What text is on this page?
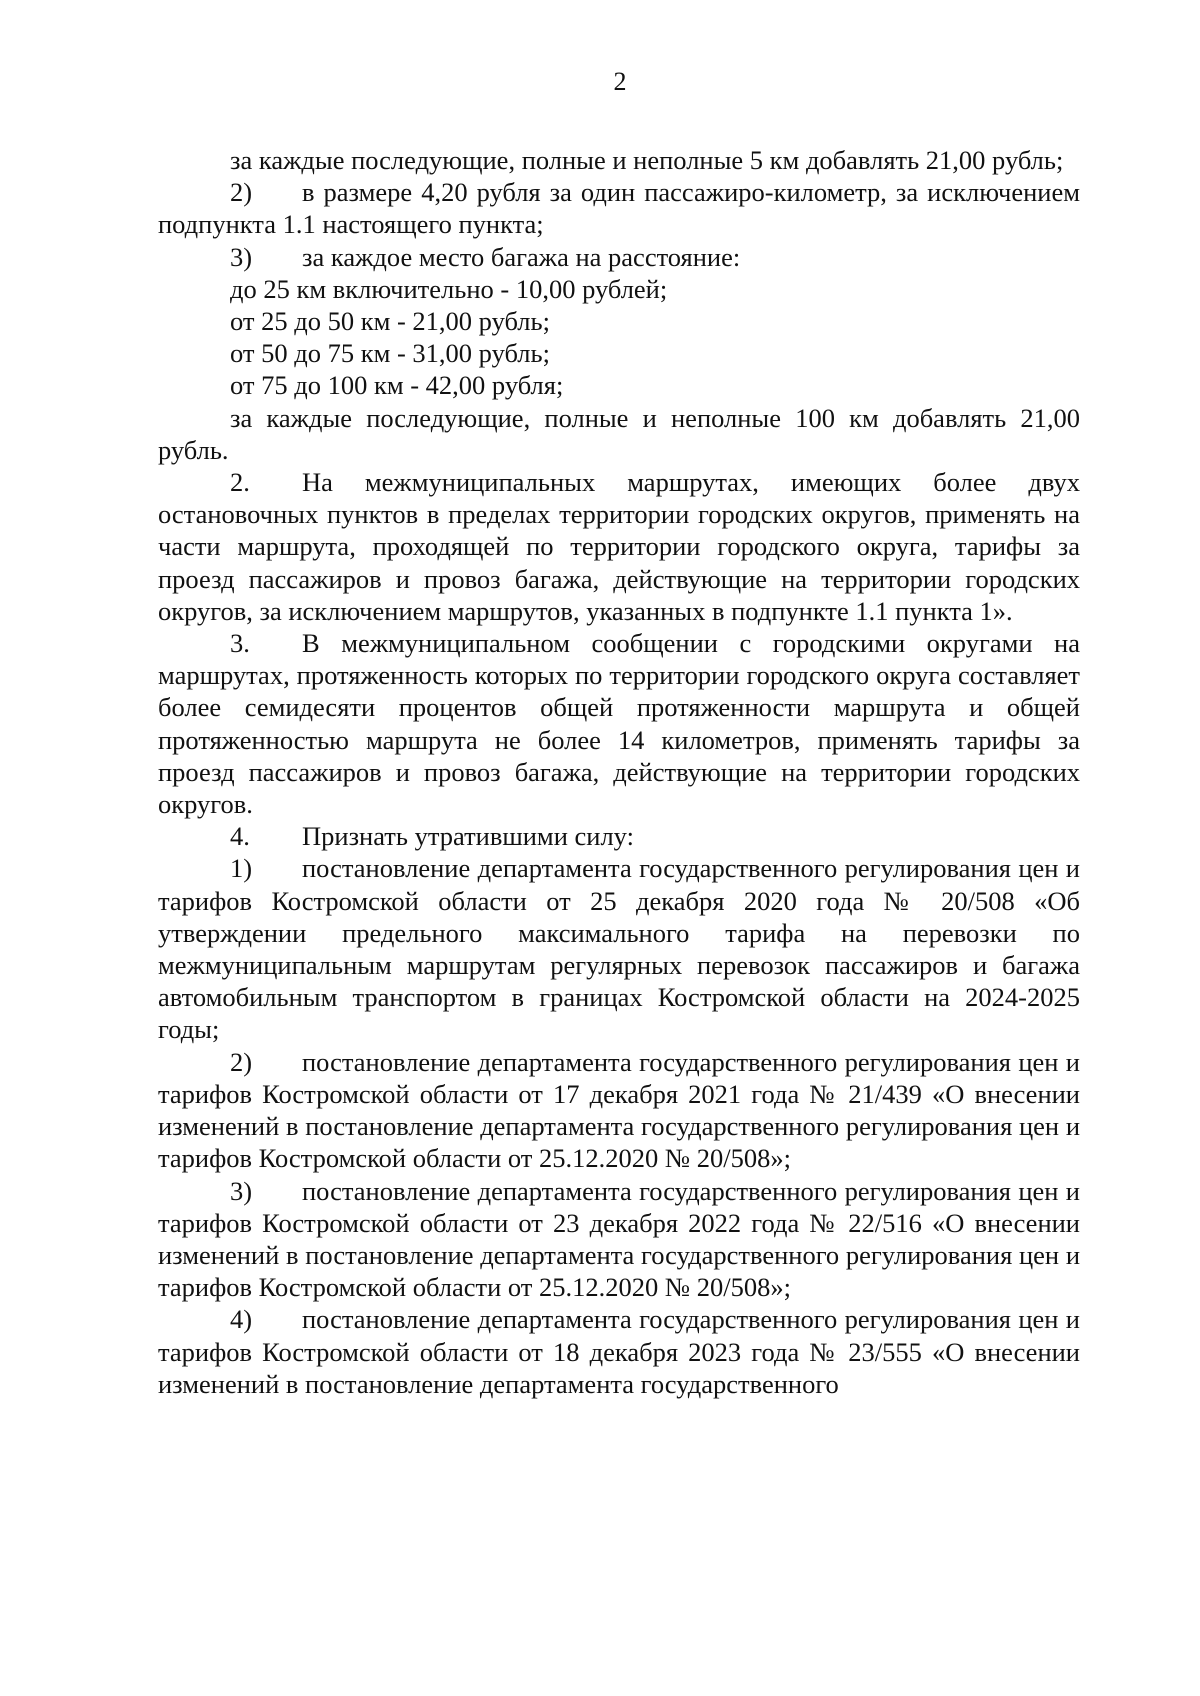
2

за каждые последующие, полные и неполные 5 км добавлять 21,00 рубль;

2) в размере 4,20 рубля за один пассажиро-километр, за исключением подпункта 1.1 настоящего пункта;

3) за каждое место багажа на расстояние:

до 25 км включительно - 10,00 рублей;

от 25 до 50 км - 21,00 рубль;

от 50 до 75 км - 31,00 рубль;

от 75 до 100 км - 42,00 рубля;

за каждые последующие, полные и неполные 100 км добавлять 21,00 рубль.

2. На межмуниципальных маршрутах, имеющих более двух остановочных пунктов в пределах территории городских округов, применять на части маршрута, проходящей по территории городского округа, тарифы за проезд пассажиров и провоз багажа, действующие на территории городских округов, за исключением маршрутов, указанных в подпункте 1.1 пункта 1».

3. В межмуниципальном сообщении с городскими округами на маршрутах, протяженность которых по территории городского округа составляет более семидесяти процентов общей протяженности маршрута и общей протяженностью маршрута не более 14 километров, применять тарифы за проезд пассажиров и провоз багажа, действующие на территории городских округов.

4. Признать утратившими силу:

1) постановление департамента государственного регулирования цен и тарифов Костромской области от 25 декабря 2020 года № 20/508 «Об утверждении предельного максимального тарифа на перевозки по межмуниципальным маршрутам регулярных перевозок пассажиров и багажа автомобильным транспортом в границах Костромской области на 2024-2025 годы;

2) постановление департамента государственного регулирования цен и тарифов Костромской области от 17 декабря 2021 года № 21/439 «О внесении изменений в постановление департамента государственного регулирования цен и тарифов Костромской области от 25.12.2020 № 20/508»;

3) постановление департамента государственного регулирования цен и тарифов Костромской области от 23 декабря 2022 года № 22/516 «О внесении изменений в постановление департамента государственного регулирования цен и тарифов Костромской области от 25.12.2020 № 20/508»;

4) постановление департамента государственного регулирования цен и тарифов Костромской области от 18 декабря 2023 года № 23/555 «О внесении изменений в постановление департамента государственного
